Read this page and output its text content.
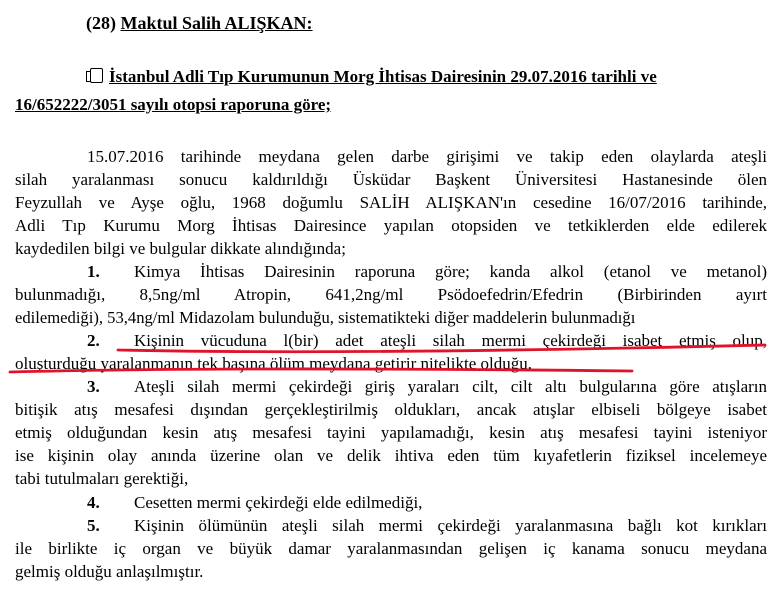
(28) Maktul Salih ALIŞKAN:
İstanbul Adli Tıp Kurumunun Morg İhtisas Dairesinin 29.07.2016 tarihli ve
16/652222/3051 sayılı otopsi raporuna göre;
15.07.2016 tarihinde meydana gelen darbe girişimi ve takip eden olaylarda ateşli
silah yaralanması sonucu kaldırıldığı Üsküdar Başkent Üniversitesi Hastanesinde ölen
Feyzullah ve Ayşe oğlu, 1968 doğumlu SALİH ALIŞKAN'ın cesedine 16/07/2016 tarihinde,
Adli Tıp Kurumu Morg İhtisas Dairesince yapılan otopsiden ve tetkiklerden elde edilerek
kaydedilen bilgi ve bulgular dikkate alındığında;
1. Kimya İhtisas Dairesinin raporuna göre; kanda alkol (etanol ve metanol)
bulunmadığı, 8,5ng/ml Atropin, 641,2ng/ml Psödoefedrin/Efedrin (Birbirinden ayırt
edilemediği), 53,4ng/ml Midazolam bulunduğu, sistematikteki diğer maddelerin bulunmadığı
2. Kişinin vücuduna l(bir) adet ateşli silah mermi çekirdeği isabet etmiş olup,
oluşturduğu yaralanmanın tek başına ölüm meydana getirir nitelikte olduğu,
3. Ateşli silah mermi çekirdeği giriş yaraları cilt, cilt altı bulgularına göre atışların
bitişik atış mesafesi dışından gerçekleştirilmiş oldukları, ancak atışlar elbiseli bölgeye isabet
etmiş olduğundan kesin atış mesafesi tayini yapılamadığı, kesin atış mesafesi tayini isteniyor
ise kişinin olay anında üzerine olan ve delik ihtiva eden tüm kıyafetlerin fiziksel incelemeye
tabi tutulmaları gerektiği,
4. Cesetten mermi çekirdeği elde edilmediği,
5. Kişinin ölümünün ateşli silah mermi çekirdeği yaralanmasına bağlı kot kırıkları
ile birlikte iç organ ve büyük damar yaralanmasından gelişen iç kanama sonucu meydana
gelmiş olduğu anlaşılmıştır.
